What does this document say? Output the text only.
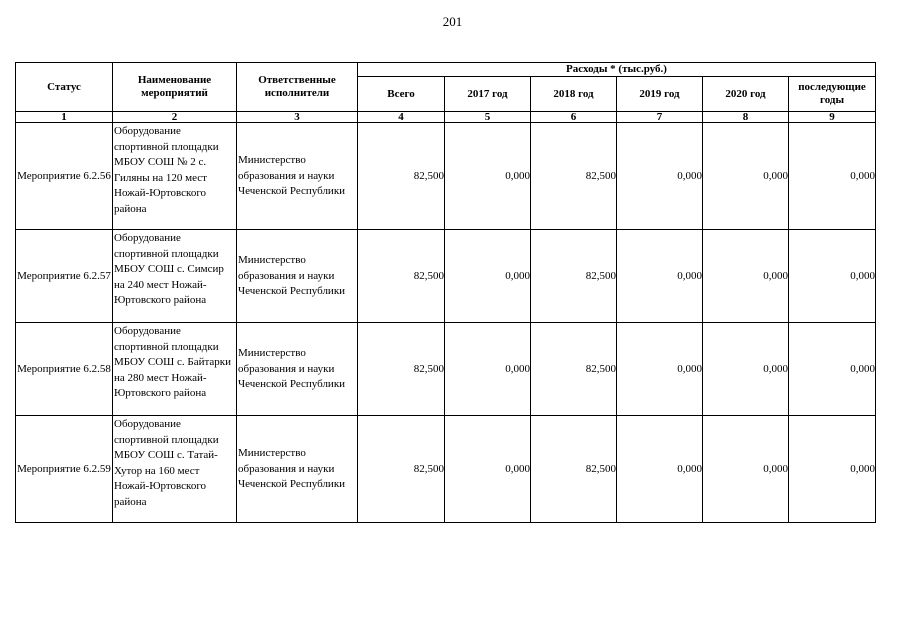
201
Статус	Наименование мероприятий	Ответственные исполнители	Расходы * (тыс.руб.)					
			Всего	2017 год	2018 год	2019 год	2020 год	последующие годы
1	2	3	4	5	6	7	8	9
Мероприятие 6.2.56	Оборудование спортивной площадки МБОУ СОШ № 2 с. Гиляны на 120 мест Ножай-Юртовского района	Министерство образования и науки Чеченской Республики	82,500	0,000	82,500	0,000	0,000	0,000
Мероприятие 6.2.57	Оборудование спортивной площадки МБОУ СОШ с. Симсир на 240 мест Ножай-Юртовского района	Министерство образования и науки Чеченской Республики	82,500	0,000	82,500	0,000	0,000	0,000
Мероприятие 6.2.58	Оборудование спортивной площадки МБОУ СОШ с. Байтарки на 280 мест Ножай-Юртовского района	Министерство образования и науки Чеченской Республики	82,500	0,000	82,500	0,000	0,000	0,000
Мероприятие 6.2.59	Оборудование спортивной площадки МБОУ СОШ с. Татай-Хутор на 160 мест Ножай-Юртовского района	Министерство образования и науки Чеченской Республики	82,500	0,000	82,500	0,000	0,000	0,000
